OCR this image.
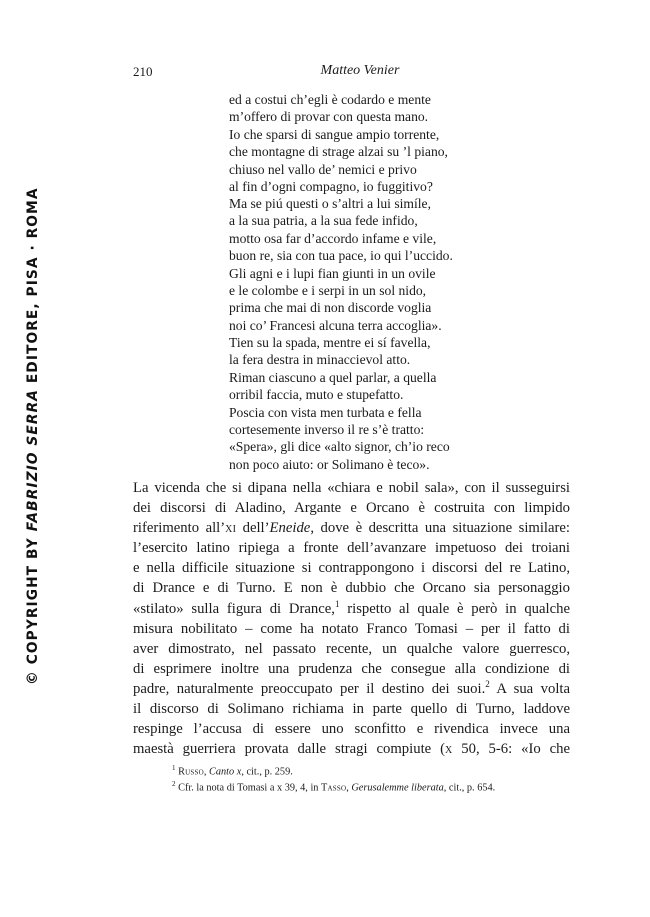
210	Matteo Venier
© COPYRIGHT BY FABRIZIO SERRA EDITORE, PISA · ROMA
ed a costui ch’egli è codardo e mente
m’offero di provar con questa mano.
Io che sparsi di sangue ampio torrente,
che montagne di strage alzai su ’l piano,
chiuso nel vallo de’ nemici e privo
al fin d’ogni compagno, io fuggitivo?
Ma se piú questi o s’altri a lui simíle,
a la sua patria, a la sua fede infido,
motto osa far d’accordo infame e vile,
buon re, sia con tua pace, io qui l’uccido.
Gli agni e i lupi fian giunti in un ovile
e le colombe e i serpi in un sol nido,
prima che mai di non discorde voglia
noi co’ Francesi alcuna terra accoglia».
Tien su la spada, mentre ei sí favella,
la fera destra in minaccievol atto.
Riman ciascuno a quel parlar, a quella
orribil faccia, muto e stupefatto.
Poscia con vista men turbata e fella
cortesemente inverso il re s’è tratto:
«Spera», gli dice «alto signor, ch’io reco
non poco aiuto: or Solimano è teco».
La vicenda che si dipana nella «chiara e nobil sala», con il susseguirsi
dei discorsi di Aladino, Argante e Orcano è costruita con limpido
riferimento all’xi dell’Eneide, dove è descritta una situazione similare:
l’esercito latino ripiega a fronte dell’avanzare impetuoso dei troiani
e nella difficile situazione si contrappongono i discorsi del re Latino,
di Drance e di Turno. E non è dubbio che Orcano sia personaggio
«stilato» sulla figura di Drance,$^1$ rispetto al quale è però in qualche
misura nobilitato – come ha notato Franco Tomasi – per il fatto di
aver dimostrato, nel passato recente, un qualche valore guerresco,
di esprimere inoltre una prudenza che consegue alla condizione di
padre, naturalmente preoccupato per il destino dei suoi.$^2$ A sua volta
il discorso di Solimano richiama in parte quello di Turno, laddove
respinge l’accusa di essere uno sconfitto e rivendica invece una
maestà guerriera provata dalle stragi compiute (x 50, 5-6: «Io che
$^1$ Russo, Canto x, cit., p. 259.
$^2$ Cfr. la nota di Tomasi a x 39, 4, in Tasso, Gerusalemme liberata, cit., p. 654.
